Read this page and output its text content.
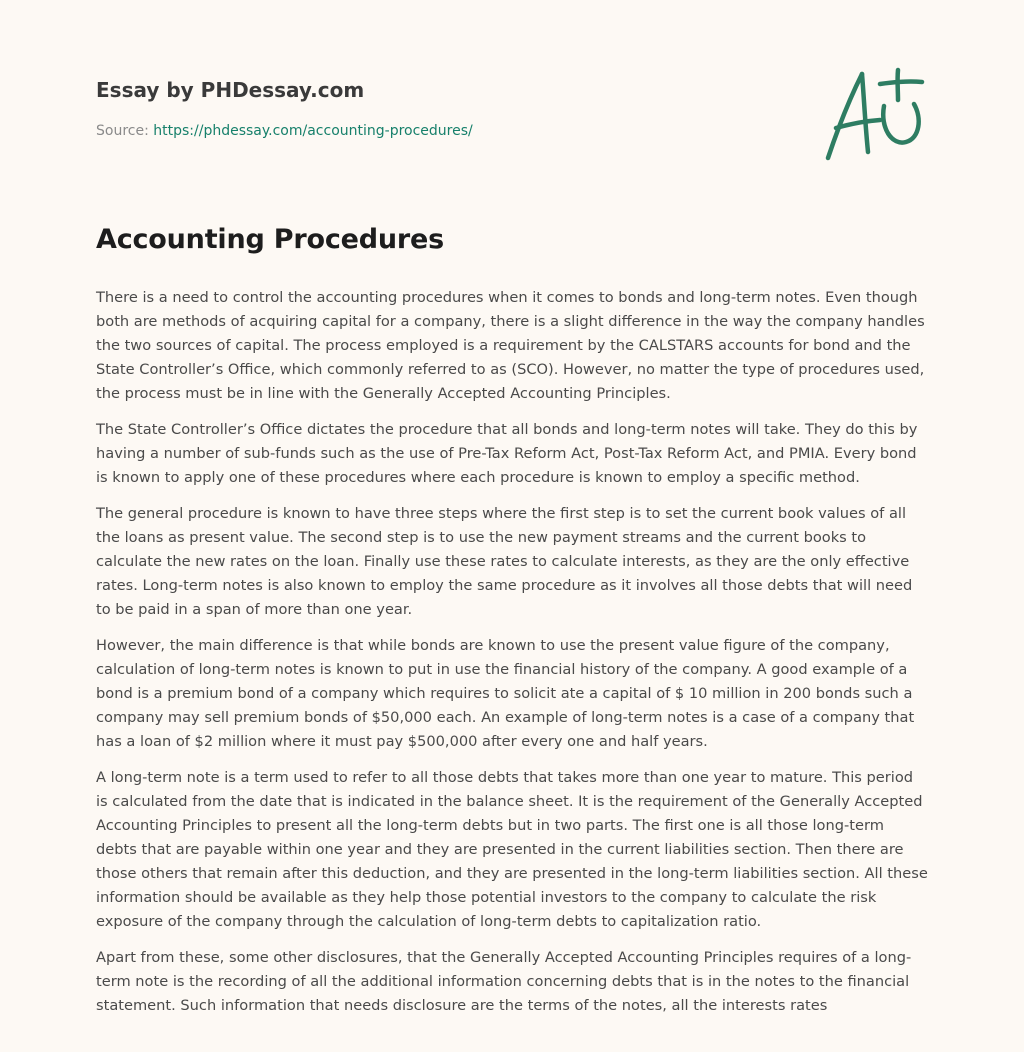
Essay by PHDessay.com
Source: https://phdessay.com/accounting-procedures/
Accounting Procedures

There is a need to control the accounting procedures when it comes to bonds and long-term notes. Even though both are methods of acquiring capital for a company, there is a slight difference in the way the company handles the two sources of capital. The process employed is a requirement by the CALSTARS accounts for bond and the State Controller’s Office, which commonly referred to as (SCO). However, no matter the type of procedures used, the process must be in line with the Generally Accepted Accounting Principles.

The State Controller’s Office dictates the procedure that all bonds and long-term notes will take. They do this by having a number of sub-funds such as the use of Pre-Tax Reform Act, Post-Tax Reform Act, and PMIA. Every bond is known to apply one of these procedures where each procedure is known to employ a specific method.

The general procedure is known to have three steps where the first step is to set the current book values of all the loans as present value. The second step is to use the new payment streams and the current books to calculate the new rates on the loan. Finally use these rates to calculate interests, as they are the only effective rates. Long-term notes is also known to employ the same procedure as it involves all those debts that will need to be paid in a span of more than one year.

However, the main difference is that while bonds are known to use the present value figure of the company, calculation of long-term notes is known to put in use the financial history of the company. A good example of a bond is a premium bond of a company which requires to solicit ate a capital of $ 10 million in 200 bonds such a company may sell premium bonds of $50,000 each. An example of long-term notes is a case of a company that has a loan of $2 million where it must pay $500,000 after every one and half years.

A long-term note is a term used to refer to all those debts that takes more than one year to mature. This period is calculated from the date that is indicated in the balance sheet. It is the requirement of the Generally Accepted Accounting Principles to present all the long-term debts but in two parts. The first one is all those long-term debts that are payable within one year and they are presented in the current liabilities section. Then there are those others that remain after this deduction, and they are presented in the long-term liabilities section. All these information should be available as they help those potential investors to the company to calculate the risk exposure of the company through the calculation of long-term debts to capitalization ratio.

Apart from these, some other disclosures, that the Generally Accepted Accounting Principles requires of a long-term note is the recording of all the additional information concerning debts that is in the notes to the financial statement. Such information that needs disclosure are the terms of the notes, all the interests rates
